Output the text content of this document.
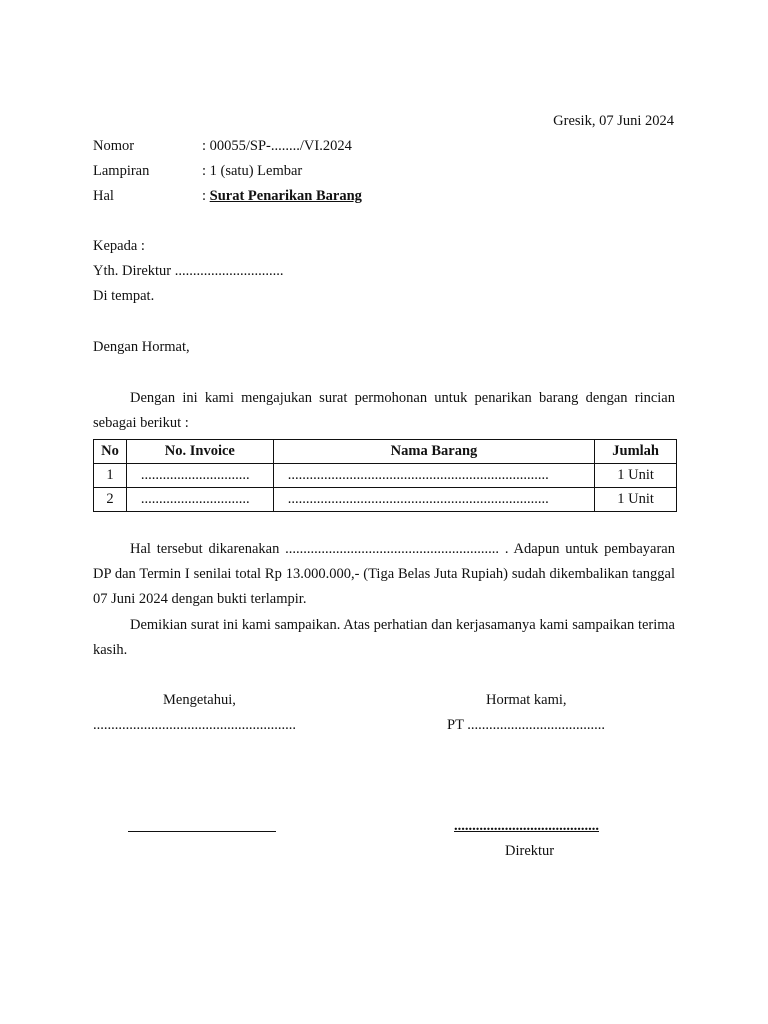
Gresik, 07 Juni 2024
Nomor	: 00055/SP-......../VI.2024
Lampiran	: 1 (satu) Lembar
Hal	: Surat Penarikan Barang
Kepada :
Yth. Direktur ..............................
Di tempat.
Dengan Hormat,

Dengan ini kami mengajukan surat permohonan untuk penarikan barang dengan rincian sebagai berikut :

No	No. Invoice	Nama Barang	Jumlah
1	..............................	........................................................................	1 Unit
2	..............................	........................................................................	1 Unit

Hal tersebut dikarenakan ........................................................... . Adapun untuk pembayaran DP dan Termin I senilai total Rp 13.000.000,- (Tiga Belas Juta Rupiah) sudah dikembalikan tanggal 07 Juni 2024 dengan bukti terlampir.

Demikian surat ini kami sampaikan. Atas perhatian dan kerjasamanya kami sampaikan terima kasih.

Mengetahui,
........................................................
Hormat kami,
PT ......................................
........................................
Direktur
